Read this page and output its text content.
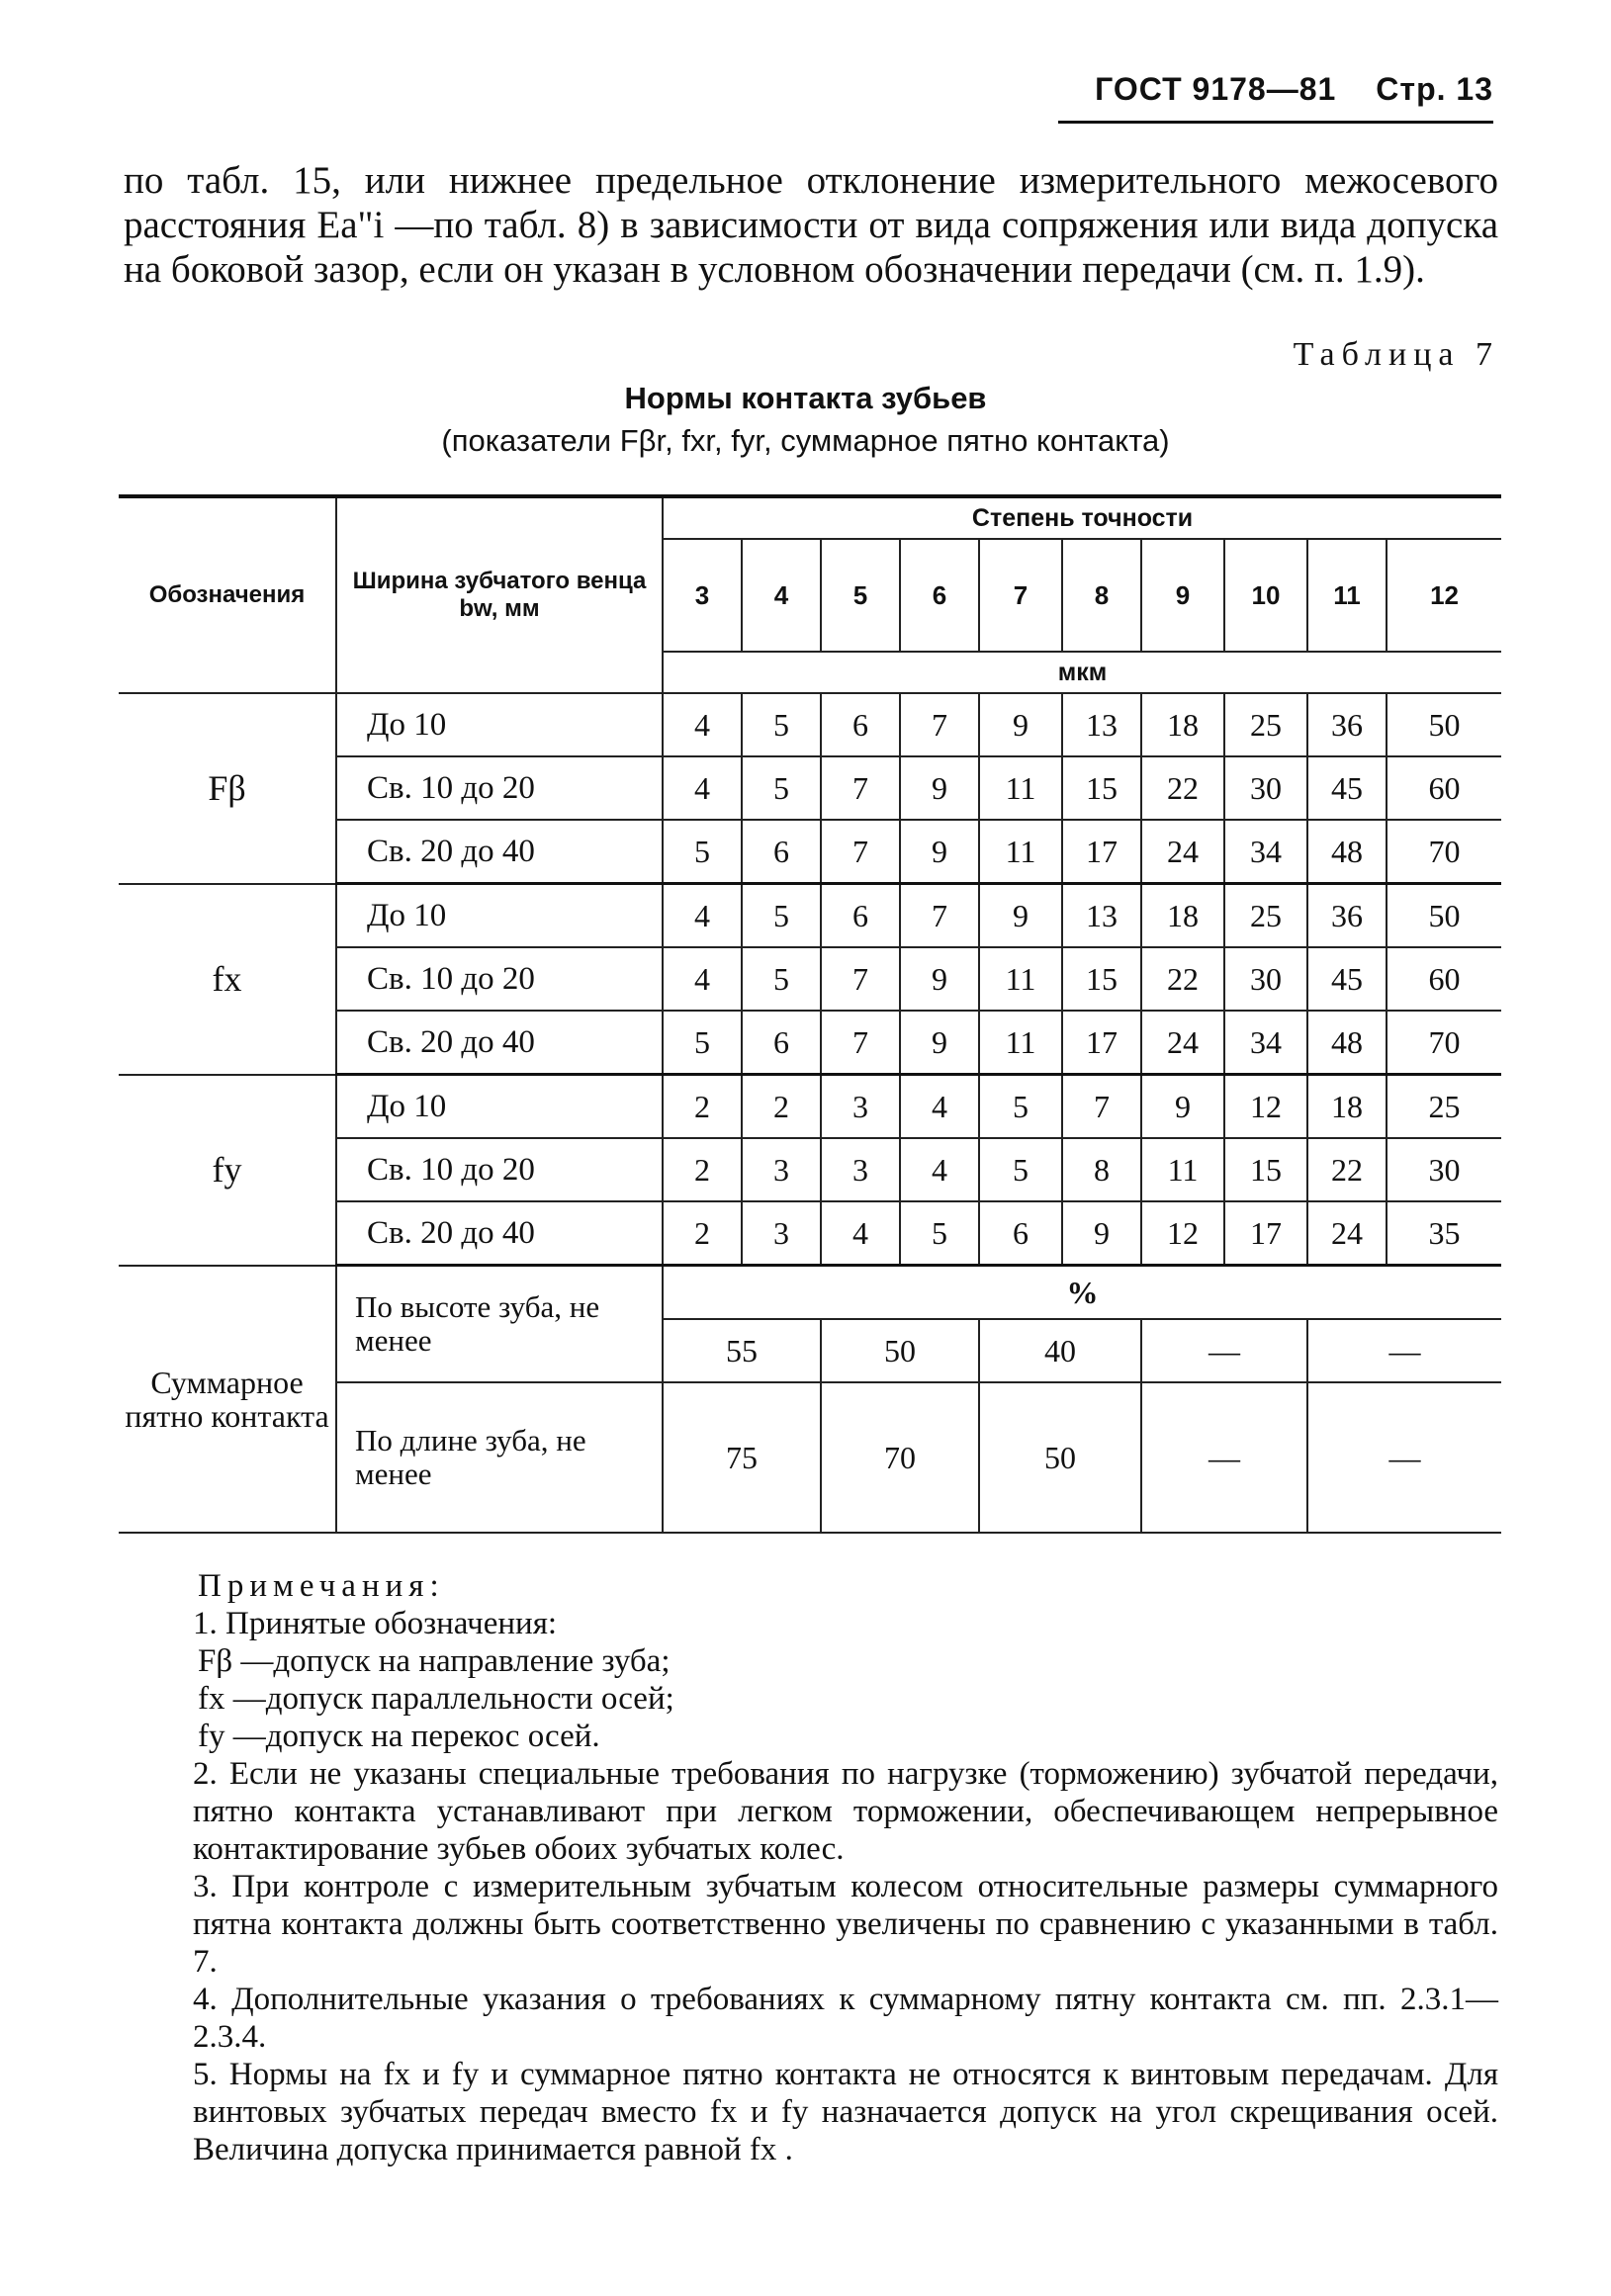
ГОСТ 9178—81 Стр. 13

по табл. 15, или нижнее предельное отклонение измерительного межосевого расстояния Ea"i —по табл. 8) в зависимости от вида сопряжения или вида допуска на боковой зазор, если он указан в условном обозначении передачи (см. п. 1.9).

Таблица 7
Нормы контакта зубьев
(показатели Fβr, fxr, fyr, суммарное пятно контакта)
Обозначения	Ширина зубчатого венца bw, мм	Степень точности									
		3	4	5	6	7	8	9	10	11	12
		мкм									
Fβ	До 10	4	5	6	7	9	13	18	25	36	50
	Св. 10 до 20	4	5	7	9	11	15	22	30	45	60
	Св. 20 до 40	5	6	7	9	11	17	24	34	48	70
fx	До 10	4	5	6	7	9	13	18	25	36	50
	Св. 10 до 20	4	5	7	9	11	15	22	30	45	60
	Св. 20 до 40	5	6	7	9	11	17	24	34	48	70
fy	До 10	2	2	3	4	5	7	9	12	18	25
	Св. 10 до 20	2	3	3	4	5	8	11	15	22	30
	Св. 20 до 40	2	3	4	5	6	9	12	17	24	35
Суммарное пятно контакта	По высоте зуба, не менее	%									
		55		50		40		—		—	
	По длине зуба, не менее	75		70		50		—		—	

Примечания:

1. Принятые обозначения:

Fβ —допуск на направление зуба;

fx —допуск параллельности осей;

fy —допуск на перекос осей.

2. Если не указаны специальные требования по нагрузке (торможению) зубчатой передачи, пятно контакта устанавливают при легком торможении, обеспечивающем непрерывное контактирование зубьев обоих зубчатых колес.

3. При контроле с измерительным зубчатым колесом относительные размеры суммарного пятна контакта должны быть соответственно увеличены по сравнению с указанными в табл. 7.

4. Дополнительные указания о требованиях к суммарному пятну контакта см. пп. 2.3.1—2.3.4.

5. Нормы на fx и fy и суммарное пятно контакта не относятся к винтовым передачам. Для винтовых зубчатых передач вместо fx и fy назначается допуск на угол скрещивания осей. Величина допуска принимается равной fx .
